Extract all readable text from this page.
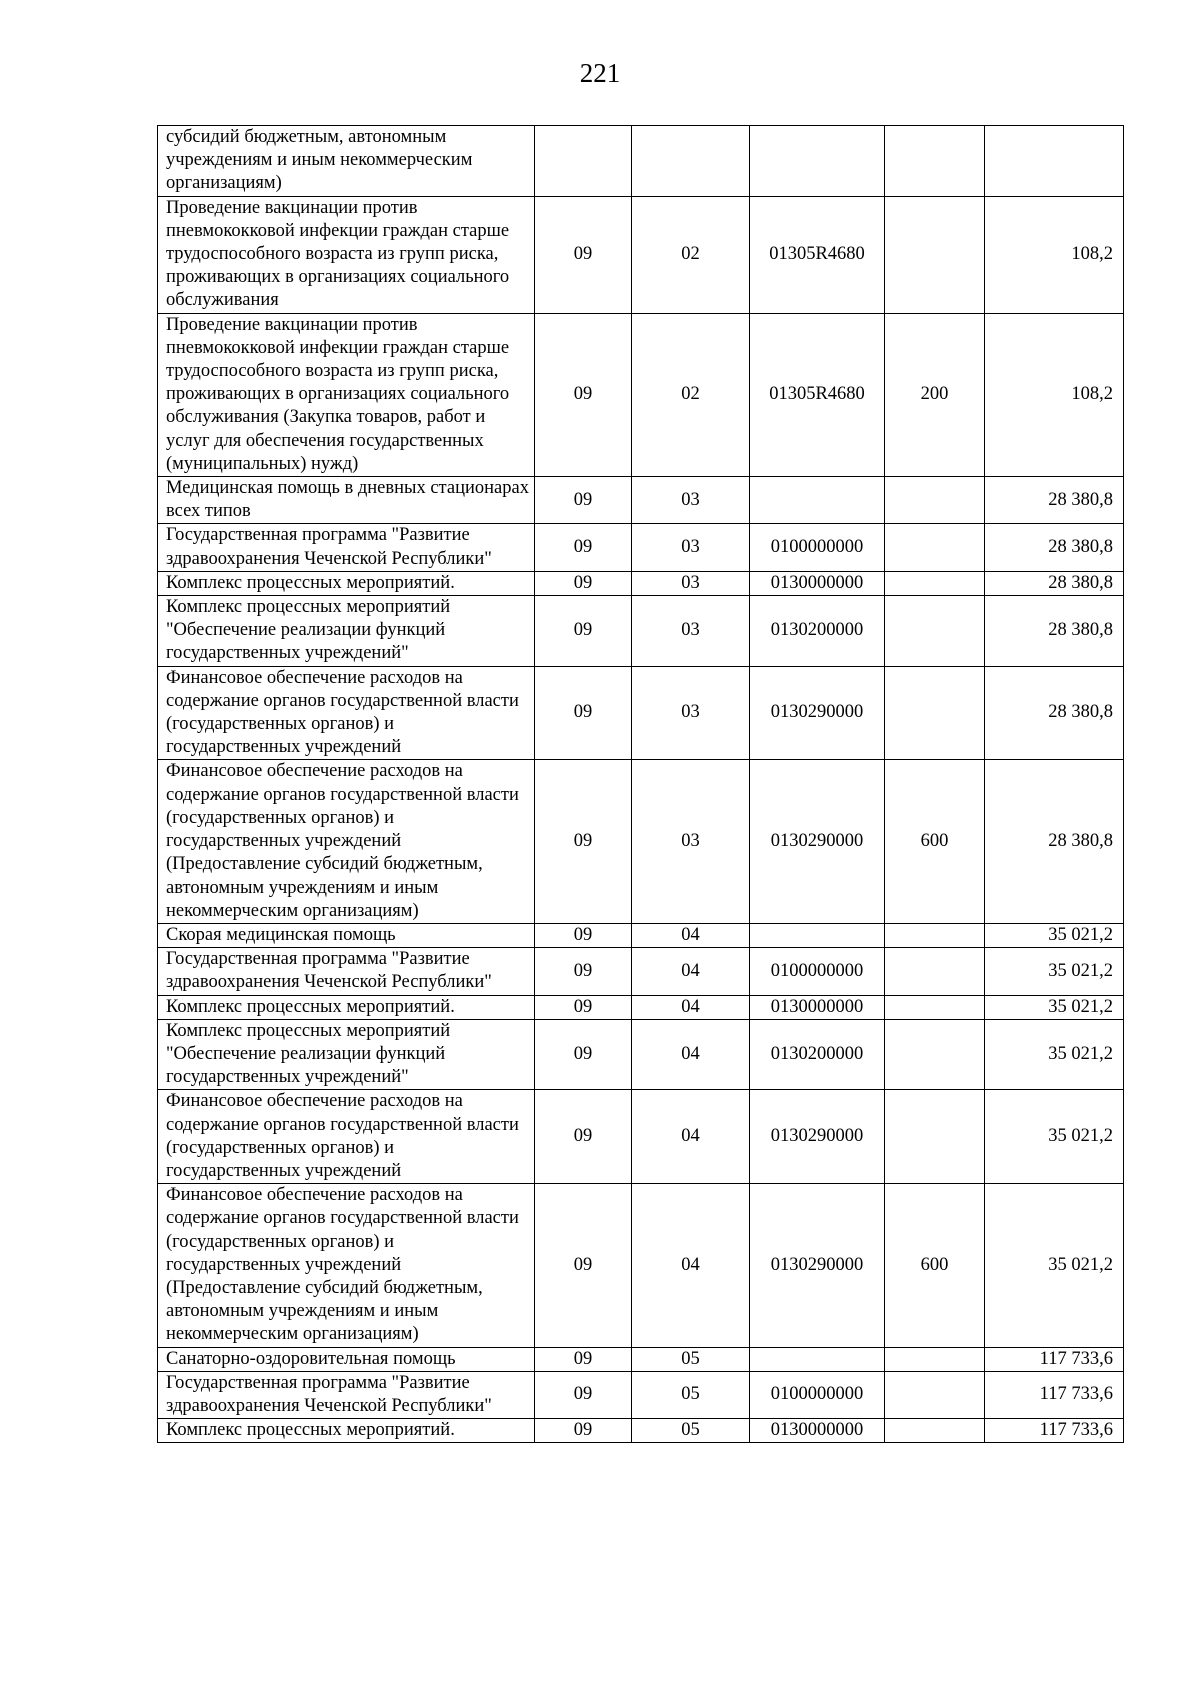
221
субсидий бюджетным, автономным учреждениям и иным некоммерческим организациям)					
Проведение вакцинации против пневмококковой инфекции граждан старше трудоспособного возраста из групп риска, проживающих в организациях социального обслуживания	09	02	01305R4680		108,2
Проведение вакцинации против пневмококковой инфекции граждан старше трудоспособного возраста из групп риска, проживающих в организациях социального обслуживания (Закупка товаров, работ и услуг для обеспечения государственных (муниципальных) нужд)	09	02	01305R4680	200	108,2
Медицинская помощь в дневных стационарах всех типов	09	03			28 380,8
Государственная программа "Развитие здравоохранения Чеченской Республики"	09	03	0100000000		28 380,8
Комплекс процессных мероприятий.	09	03	0130000000		28 380,8
Комплекс процессных мероприятий "Обеспечение реализации функций государственных учреждений"	09	03	0130200000		28 380,8
Финансовое обеспечение расходов на содержание органов государственной власти (государственных органов) и государственных учреждений	09	03	0130290000		28 380,8
Финансовое обеспечение расходов на содержание органов государственной власти (государственных органов) и государственных учреждений (Предоставление субсидий бюджетным, автономным учреждениям и иным некоммерческим организациям)	09	03	0130290000	600	28 380,8
Скорая медицинская помощь	09	04			35 021,2
Государственная программа "Развитие здравоохранения Чеченской Республики"	09	04	0100000000		35 021,2
Комплекс процессных мероприятий.	09	04	0130000000		35 021,2
Комплекс процессных мероприятий "Обеспечение реализации функций государственных учреждений"	09	04	0130200000		35 021,2
Финансовое обеспечение расходов на содержание органов государственной власти (государственных органов) и государственных учреждений	09	04	0130290000		35 021,2
Финансовое обеспечение расходов на содержание органов государственной власти (государственных органов) и государственных учреждений (Предоставление субсидий бюджетным, автономным учреждениям и иным некоммерческим организациям)	09	04	0130290000	600	35 021,2
Санаторно-оздоровительная помощь	09	05			117 733,6
Государственная программа "Развитие здравоохранения Чеченской Республики"	09	05	0100000000		117 733,6
Комплекс процессных мероприятий.	09	05	0130000000		117 733,6
